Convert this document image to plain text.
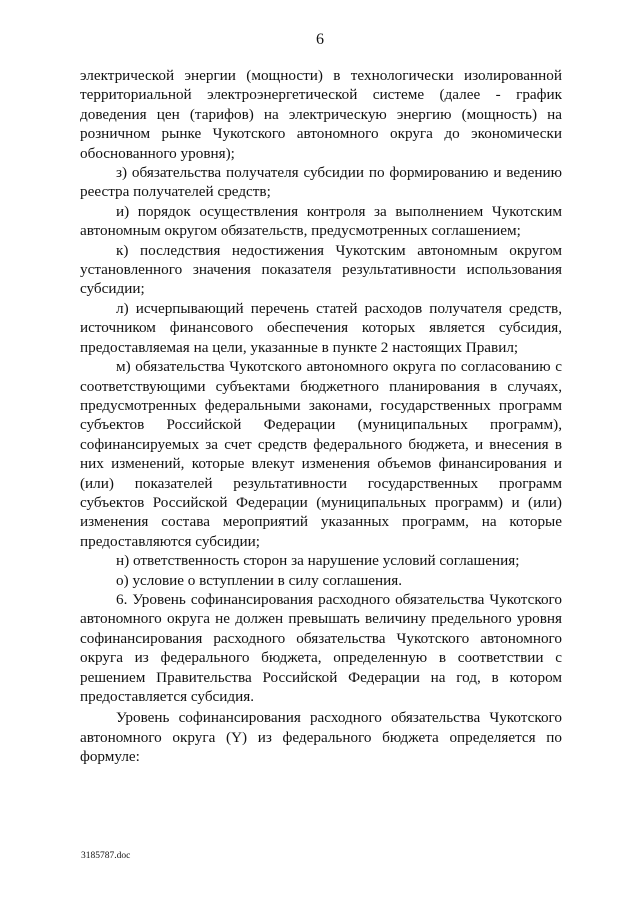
6

электрической энергии (мощности) в технологически изолированной территориальной электроэнергетической системе (далее - график доведения цен (тарифов) на электрическую энергию (мощность) на розничном рынке Чукотского автономного округа до экономически обоснованного уровня);

з) обязательства получателя субсидии по формированию и ведению реестра получателей средств;

и) порядок осуществления контроля за выполнением Чукотским автономным округом обязательств, предусмотренных соглашением;

к) последствия недостижения Чукотским автономным округом установленного значения показателя результативности использования субсидии;

л) исчерпывающий перечень статей расходов получателя средств, источником финансового обеспечения которых является субсидия, предоставляемая на цели, указанные в пункте 2 настоящих Правил;

м) обязательства Чукотского автономного округа по согласованию с соответствующими субъектами бюджетного планирования в случаях, предусмотренных федеральными законами, государственных программ субъектов Российской Федерации (муниципальных программ), софинансируемых за счет средств федерального бюджета, и внесения в них изменений, которые влекут изменения объемов финансирования и (или) показателей результативности государственных программ субъектов Российской Федерации (муниципальных программ) и (или) изменения состава мероприятий указанных программ, на которые предоставляются субсидии;

н) ответственность сторон за нарушение условий соглашения;

о) условие о вступлении в силу соглашения.

6. Уровень софинансирования расходного обязательства Чукотского автономного округа не должен превышать величину предельного уровня софинансирования расходного обязательства Чукотского автономного округа из федерального бюджета, определенную в соответствии с решением Правительства Российской Федерации на год, в котором предоставляется субсидия.

Уровень софинансирования расходного обязательства Чукотского автономного округа (Y) из федерального бюджета определяется по формуле:

3185787.doc
